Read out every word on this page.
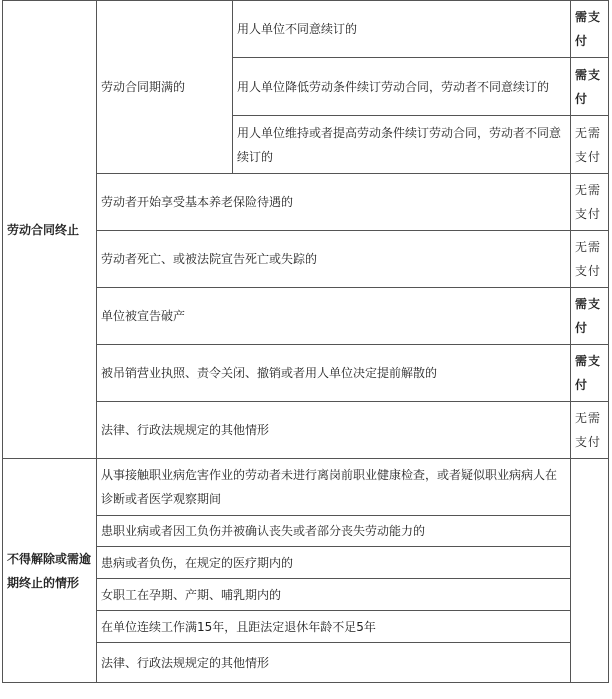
劳动合同终止	劳动合同期满的	用人单位不同意续订的	需支付
		用人单位降低劳动条件续订劳动合同，劳动者不同意续订的	需支付
		用人单位维持或者提高劳动条件续订劳动合同，劳动者不同意续订的	无需支付
	劳动者开始享受基本养老保险待遇的		无需支付
	劳动者死亡、或被法院宣告死亡或失踪的		无需支付
	单位被宣告破产		需支付
	被吊销营业执照、责令关闭、撤销或者用人单位决定提前解散的		需支付
	法律、行政法规规定的其他情形		无需支付
不得解除或需逾期终止的情形	从事接触职业病危害作业的劳动者未进行离岗前职业健康检查，或者疑似职业病病人在诊断或者医学观察期间		
	患职业病或者因工负伤并被确认丧失或者部分丧失劳动能力的		
	患病或者负伤，在规定的医疗期内的		
	女职工在孕期、产期、哺乳期内的		
	在单位连续工作满15年，且距法定退休年龄不足5年		
	法律、行政法规规定的其他情形		
